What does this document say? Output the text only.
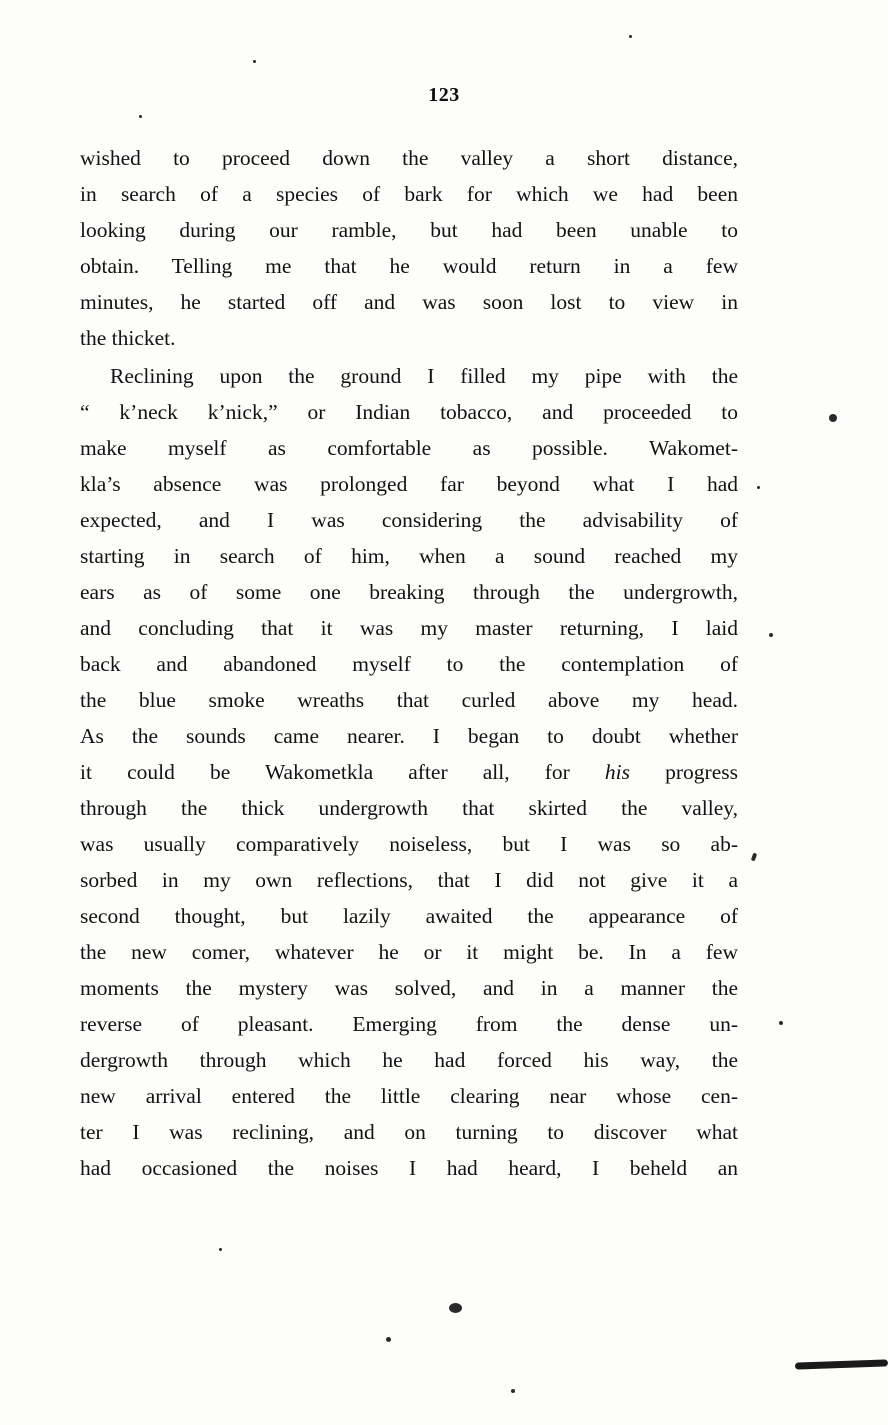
123

wished to proceed down the valley a short distance,
in search of a species of bark for which we had been
looking during our ramble, but had been unable to
obtain. Telling me that he would return in a few
minutes, he started off and was soon lost to view in
the thicket.

Reclining upon the ground I filled my pipe with the
“ k’neck k’nick,” or Indian tobacco, and proceeded to
make myself as comfortable as possible. Wakomet-
kla’s absence was prolonged far beyond what I had
expected, and I was considering the advisability of
starting in search of him, when a sound reached my
ears as of some one breaking through the undergrowth,
and concluding that it was my master returning, I laid
back and abandoned myself to the contemplation of
the blue smoke wreaths that curled above my head.
As the sounds came nearer. I began to doubt whether
it could be Wakometkla after all, for his progress
through the thick undergrowth that skirted the valley,
was usually comparatively noiseless, but I was so ab-
sorbed in my own reflections, that I did not give it a
second thought, but lazily awaited the appearance of
the new comer, whatever he or it might be. In a few
moments the mystery was solved, and in a manner the
reverse of pleasant. Emerging from the dense un-
dergrowth through which he had forced his way, the
new arrival entered the little clearing near whose cen-
ter I was reclining, and on turning to discover what
had occasioned the noises I had heard, I beheld an
